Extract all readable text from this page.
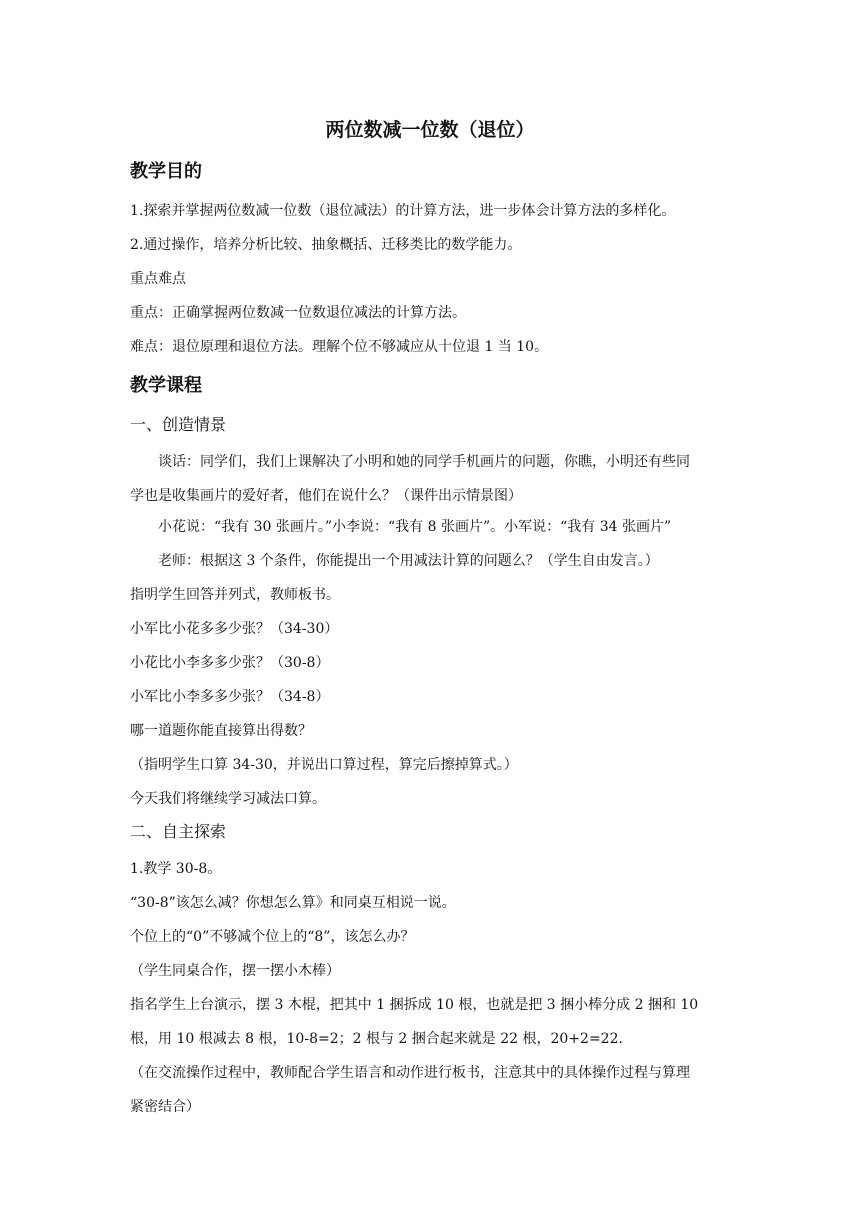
两位数减一位数（退位）
教学目的
1.探索并掌握两位数减一位数（退位减法）的计算方法，进一步体会计算方法的多样化。
2.通过操作，培养分析比较、抽象概括、迁移类比的数学能力。
重点难点
重点：正确掌握两位数减一位数退位减法的计算方法。
难点：退位原理和退位方法。理解个位不够减应从十位退 1 当 10。
教学课程
一、创造情景
谈话：同学们，我们上课解决了小明和她的同学手机画片的问题，你瞧，小明还有些同
学也是收集画片的爱好者，他们在说什么？（课件出示情景图）
小花说：“我有 30 张画片。”小李说：“我有 8 张画片”。小军说：“我有 34 张画片”
老师：根据这 3 个条件，你能提出一个用减法计算的问题么？（学生自由发言。）
指明学生回答并列式，教师板书。
小军比小花多多少张？（34-30）
小花比小李多多少张？（30-8）
小军比小李多多少张？（34-8）
哪一道题你能直接算出得数？
（指明学生口算 34-30，并说出口算过程，算完后擦掉算式。）
今天我们将继续学习减法口算。
二、自主探索
1.教学 30-8。
“30-8”该怎么减？你想怎么算》和同桌互相说一说。
个位上的“0”不够减个位上的“8”，该怎么办？
（学生同桌合作，摆一摆小木棒）
指名学生上台演示，摆 3 木棍，把其中 1 捆拆成 10 根，也就是把 3 捆小棒分成 2 捆和 10
根，用 10 根减去 8 根，10-8=2；2 根与 2 捆合起来就是 22 根，20+2=22.
（在交流操作过程中，教师配合学生语言和动作进行板书，注意其中的具体操作过程与算理
紧密结合）
